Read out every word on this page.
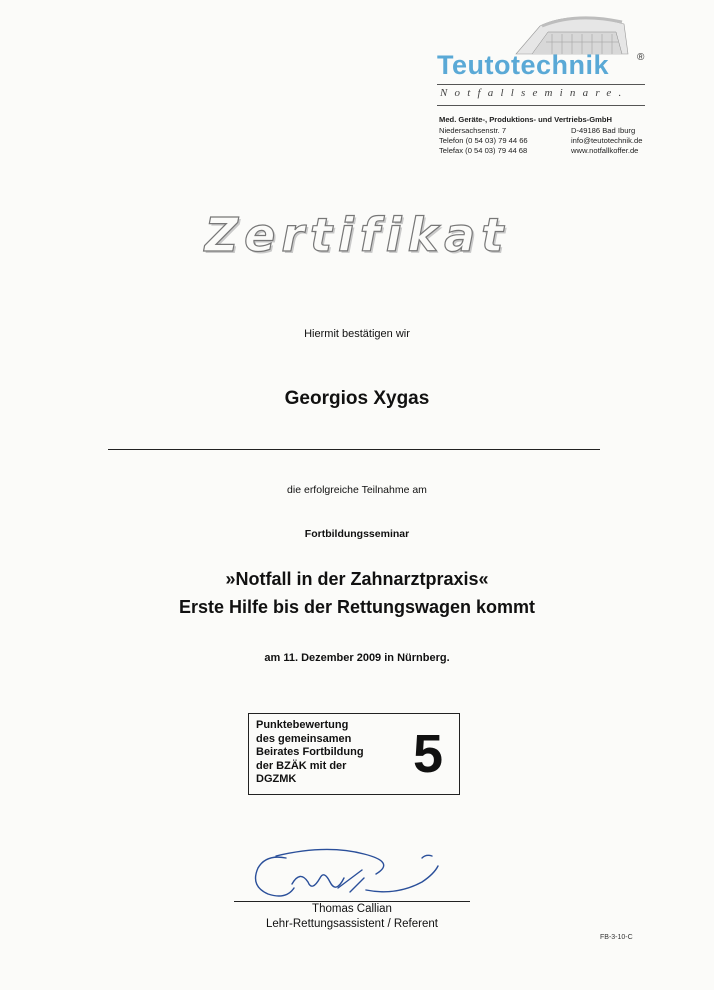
Teutotechnik	®
Notfallseminare.
Med. Geräte-, Produktions- und Vertriebs-GmbH
Niedersachsenstr. 7
Telefon (0 54 03) 79 44 66
Telefax (0 54 03) 79 44 68
D-49186 Bad Iburg
info@teutotechnik.de
www.notfallkoffer.de
Zertifikat
Hiermit bestätigen wir
Georgios Xygas
die erfolgreiche Teilnahme am
Fortbildungsseminar
»Notfall in der Zahnarztpraxis«
Erste Hilfe bis der Rettungswagen kommt
am 11. Dezember 2009 in Nürnberg.
Punktebewertung
des gemeinsamen
Beirates Fortbildung
der BZÄK mit der
DGZMK	5
Thomas Callian
Lehr-Rettungsassistent / Referent
FB-3-10-C
